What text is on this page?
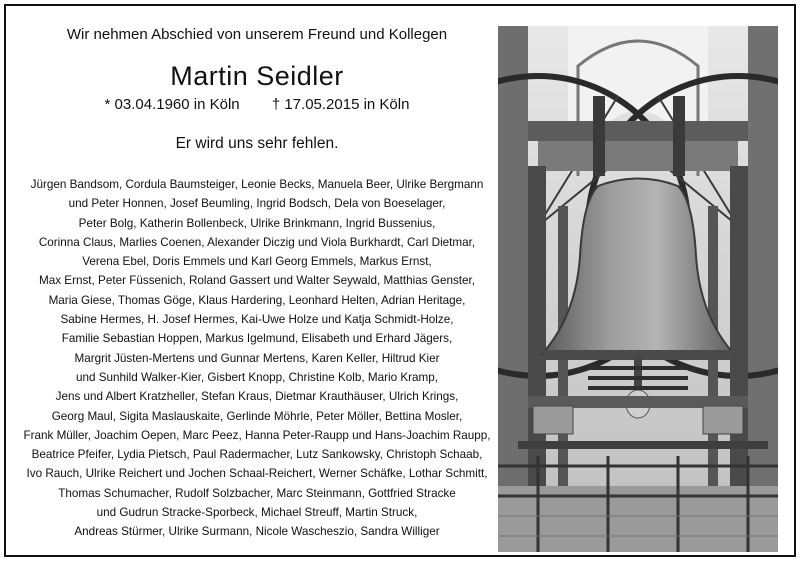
Wir nehmen Abschied von unserem Freund und Kollegen
Martin Seidler
* 03.04.1960 in Köln † 17.05.2015 in Köln
Er wird uns sehr fehlen.
Jürgen Bandsom, Cordula Baumsteiger, Leonie Becks, Manuela Beer, Ulrike Bergmann
und Peter Honnen, Josef Beumling, Ingrid Bodsch, Dela von Boeselager,
Peter Bolg, Katherin Bollenbeck, Ulrike Brinkmann, Ingrid Bussenius,
Corinna Claus, Marlies Coenen, Alexander Diczig und Viola Burkhardt, Carl Dietmar,
Verena Ebel, Doris Emmels und Karl Georg Emmels, Markus Ernst,
Max Ernst, Peter Füssenich, Roland Gassert und Walter Seywald, Matthias Genster,
Maria Giese, Thomas Göge, Klaus Hardering, Leonhard Helten, Adrian Heritage,
Sabine Hermes, H. Josef Hermes, Kai-Uwe Holze und Katja Schmidt-Holze,
Familie Sebastian Hoppen, Markus Igelmund, Elisabeth und Erhard Jägers,
Margrit Jüsten-Mertens und Gunnar Mertens, Karen Keller, Hiltrud Kier
und Sunhild Walker-Kier, Gisbert Knopp, Christine Kolb, Mario Kramp,
Jens und Albert Kratzheller, Stefan Kraus, Dietmar Krauthäuser, Ulrich Krings,
Georg Maul, Sigita Maslauskaite, Gerlinde Möhrle, Peter Möller, Bettina Mosler,
Frank Müller, Joachim Oepen, Marc Peez, Hanna Peter-Raupp und Hans-Joachim Raupp,
Beatrice Pfeifer, Lydia Pietsch, Paul Radermacher, Lutz Sankowsky, Christoph Schaab,
Ivo Rauch, Ulrike Reichert und Jochen Schaal-Reichert, Werner Schäfke, Lothar Schmitt,
Thomas Schumacher, Rudolf Solzbacher, Marc Steinmann, Gottfried Stracke
und Gudrun Stracke-Sporbeck, Michael Streuff, Martin Struck,
Andreas Stürmer, Ulrike Surmann, Nicole Wascheszio, Sandra Williger
